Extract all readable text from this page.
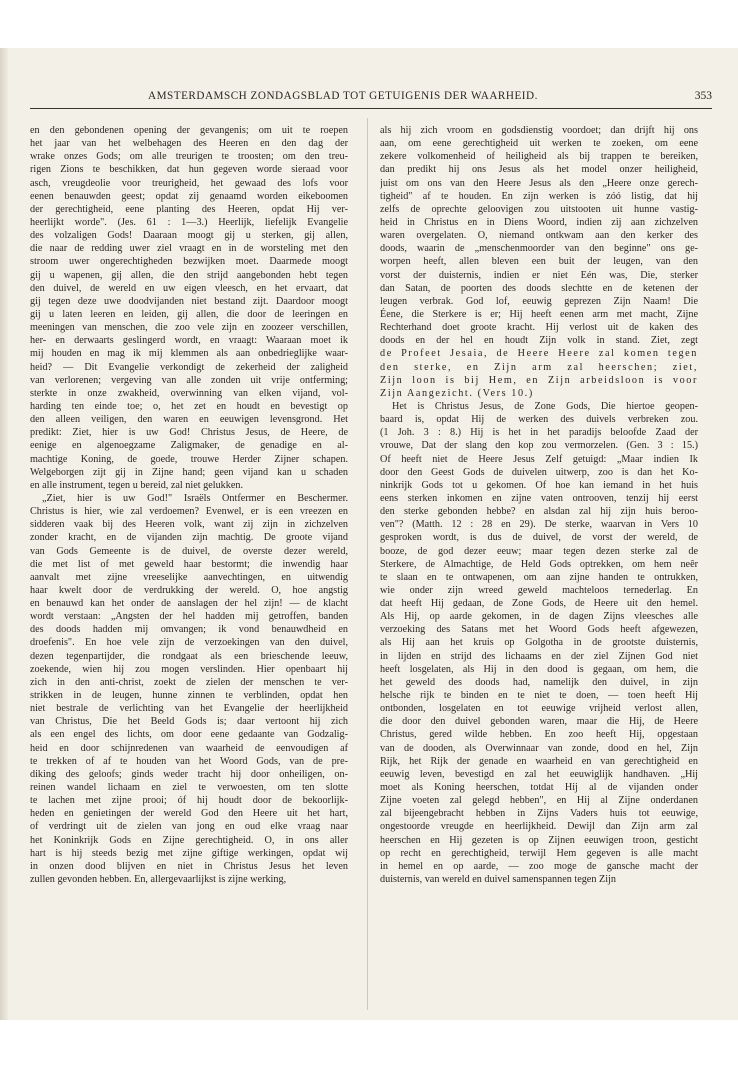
AMSTERDAMSCH ZONDAGSBLAD TOT GETUIGENIS DER WAARHEID.	353
en den gebondenen opening der gevangenis; om uit te roepen
het jaar van het welbehagen des Heeren en den dag der
wrake onzes Gods; om alle treurigen te troosten; om den treu-
rigen Zions te beschikken, dat hun gegeven worde sieraad voor
asch, vreugdeolie voor treurigheid, het gewaad des lofs voor
eenen benauwden geest; opdat zij genaamd worden eikeboomen
der gerechtigheid, eene planting des Heeren, opdat Hij ver-
heerlijkt worde". (Jes. 61 : 1—3.) Heerlijk, liefelijk Evangelie
des volzaligen Gods! Daaraan moogt gij u sterken, gij allen,
die naar de redding uwer ziel vraagt en in de worsteling met den
stroom uwer ongerechtigheden bezwijken moet. Daarmede moogt
gij u wapenen, gij allen, die den strijd aangebonden hebt tegen
den duivel, de wereld en uw eigen vleesch, en het ervaart, dat
gij tegen deze uwe doodvijanden niet bestand zijt. Daardoor moogt
gij u laten leeren en leiden, gij allen, die door de leeringen en
meeningen van menschen, die zoo vele zijn en zoozeer verschillen,
her- en derwaarts geslingerd wordt, en vraagt: Waaraan moet ik
mij houden en mag ik mij klemmen als aan onbedrieglijke waar-
heid? — Dit Evangelie verkondigt de zekerheid der zaligheid
van verlorenen; vergeving van alle zonden uit vrije ontferming;
sterkte in onze zwakheid, overwinning van elken vijand, vol-
harding ten einde toe; o, het zet en houdt en bevestigt op
den alleen veiligen, den waren en eeuwigen levensgrond. Het
predikt: Ziet, hier is uw God! Christus Jesus, de Heere, de
eenige en algenoegzame Zaligmaker, de genadige en al-
machtige Koning, de goede, trouwe Herder Zijner schapen.
Welgeborgen zijt gij in Zijne hand; geen vijand kan u schaden
en alle instrument, tegen u bereid, zal niet gelukken.
„Ziet, hier is uw God!" Israëls Ontfermer en Beschermer.
Christus is hier, wie zal verdoemen? Evenwel, er is een vreezen en
sidderen vaak bij des Heeren volk, want zij zijn in zichzelven
zonder kracht, en de vijanden zijn machtig. De groote vijand
van Gods Gemeente is de duivel, de overste dezer wereld,
die met list of met geweld haar bestormt; die inwendig haar
aanvalt met zijne vreeselijke aanvechtingen, en uitwendig
haar kwelt door de verdrukking der wereld. O, hoe angstig
en benauwd kan het onder de aanslagen der hel zijn! — de klacht
wordt verstaan: „Angsten der hel hadden mij getroffen, banden
des doods hadden mij omvangen; ik vond benauwdheid en
droefenis". En hoe vele zijn de verzoekingen van den duivel,
dezen tegenpartijder, die rondgaat als een brieschende leeuw,
zoekende, wien hij zou mogen verslinden. Hier openbaart hij
zich in den anti-christ, zoekt de zielen der menschen te ver-
strikken in de leugen, hunne zinnen te verblinden, opdat hen
niet bestrale de verlichting van het Evangelie der heerlijkheid
van Christus, Die het Beeld Gods is; daar vertoont hij zich
als een engel des lichts, om door eene gedaante van Godzalig-
heid en door schijnredenen van waarheid de eenvoudigen af
te trekken of af te houden van het Woord Gods, van de pre-
diking des geloofs; ginds weder tracht hij door onheiligen, on-
reinen wandel lichaam en ziel te verwoesten, om ten slotte
te lachen met zijne prooi; óf hij houdt door de bekoorlijk-
heden en genietingen der wereld God den Heere uit het hart,
of verdringt uit de zielen van jong en oud elke vraag naar
het Koninkrijk Gods en Zijne gerechtigheid. O, in ons aller
hart is hij steeds bezig met zijne giftige werkingen, opdat wij
in onzen dood blijven en niet in Christus Jesus het leven
zullen gevonden hebben. En, allergevaarlijkst is zijne werking,
als hij zich vroom en godsdienstig voordoet; dan drijft hij ons
aan, om eene gerechtigheid uit werken te zoeken, om eene
zekere volkomenheid of heiligheid als bij trappen te bereiken,
dan predikt hij ons Jesus als het model onzer heiligheid,
juist om ons van den Heere Jesus als den „Heere onze gerech-
tigheid" af te houden. En zijn werken is zóó listig, dat hij
zelfs de oprechte geloovigen zou uitstooten uit hunne vastig-
heid in Christus en in Diens Woord, indien zij aan zichzelven
waren overgelaten. O, niemand ontkwam aan den kerker des
doods, waarin de „menschenmoorder van den beginne" ons ge-
worpen heeft, allen bleven een buit der leugen, van den
vorst der duisternis, indien er niet Eén was, Die, sterker
dan Satan, de poorten des doods slechtte en de ketenen der
leugen verbrak. God lof, eeuwig geprezen Zijn Naam! Die
Éene, die Sterkere is er; Hij heeft eenen arm met macht, Zijne
Rechterhand doet groote kracht. Hij verlost uit de kaken des
doods en der hel en houdt Zijn volk in stand. Ziet, zegt
de Profeet Jesaia, de Heere Heere zal komen tegen
den sterke, en Zijn arm zal heerschen; ziet,
Zijn loon is bij Hem, en Zijn arbeidsloon is voor
Zijn Aangezicht. (Vers 10.)
Het is Christus Jesus, de Zone Gods, Die hiertoe geopen-
baard is, opdat Hij de werken des duivels verbreken zou.
(1 Joh. 3 : 8.) Hij is het in het paradijs beloofde Zaad der
vrouwe, Dat der slang den kop zou vermorzelen. (Gen. 3 : 15.)
Of heeft niet de Heere Jesus Zelf getuigd: „Maar indien Ik
door den Geest Gods de duivelen uitwerp, zoo is dan het Ko-
ninkrijk Gods tot u gekomen. Of hoe kan iemand in het huis
eens sterken inkomen en zijne vaten ontrooven, tenzij hij eerst
den sterke gebonden hebbe? en alsdan zal hij zijn huis beroo-
ven"? (Matth. 12 : 28 en 29). De sterke, waarvan in Vers 10
gesproken wordt, is dus de duivel, de vorst der wereld, de
booze, de god dezer eeuw; maar tegen dezen sterke zal de
Sterkere, de Almachtige, de Held Gods optrekken, om hem neêr
te slaan en te ontwapenen, om aan zijne handen te ontrukken,
wie onder zijn wreed geweld machteloos ternederlag. En
dat heeft Hij gedaan, de Zone Gods, de Heere uit den hemel.
Als Hij, op aarde gekomen, in de dagen Zijns vleesches alle
verzoeking des Satans met het Woord Gods heeft afgewezen,
als Hij aan het kruis op Golgotha in de grootste duisternis,
in lijden en strijd des lichaams en der ziel Zijnen God niet
heeft losgelaten, als Hij in den dood is gegaan, om hem, die
het geweld des doods had, namelijk den duivel, in zijn
helsche rijk te binden en te niet te doen, — toen heeft Hij
ontbonden, losgelaten en tot eeuwige vrijheid verlost allen,
die door den duivel gebonden waren, maar die Hij, de Heere
Christus, gered wilde hebben. En zoo heeft Hij, opgestaan
van de dooden, als Overwinnaar van zonde, dood en hel, Zijn
Rijk, het Rijk der genade en waarheid en van gerechtigheid en
eeuwig leven, bevestigd en zal het eeuwiglijk handhaven. „Hij
moet als Koning heerschen, totdat Hij al de vijanden onder
Zijne voeten zal gelegd hebben", en Hij al Zijne onderdanen
zal bijeengebracht hebben in Zijns Vaders huis tot eeuwige,
ongestoorde vreugde en heerlijkheid. Dewijl dan Zijn arm zal
heerschen en Hij gezeten is op Zijnen eeuwigen troon, gesticht
op recht en gerechtigheid, terwijl Hem gegeven is alle macht
in hemel en op aarde, — zoo moge de gansche macht der
duisternis, van wereld en duivel samenspannen tegen Zijn
